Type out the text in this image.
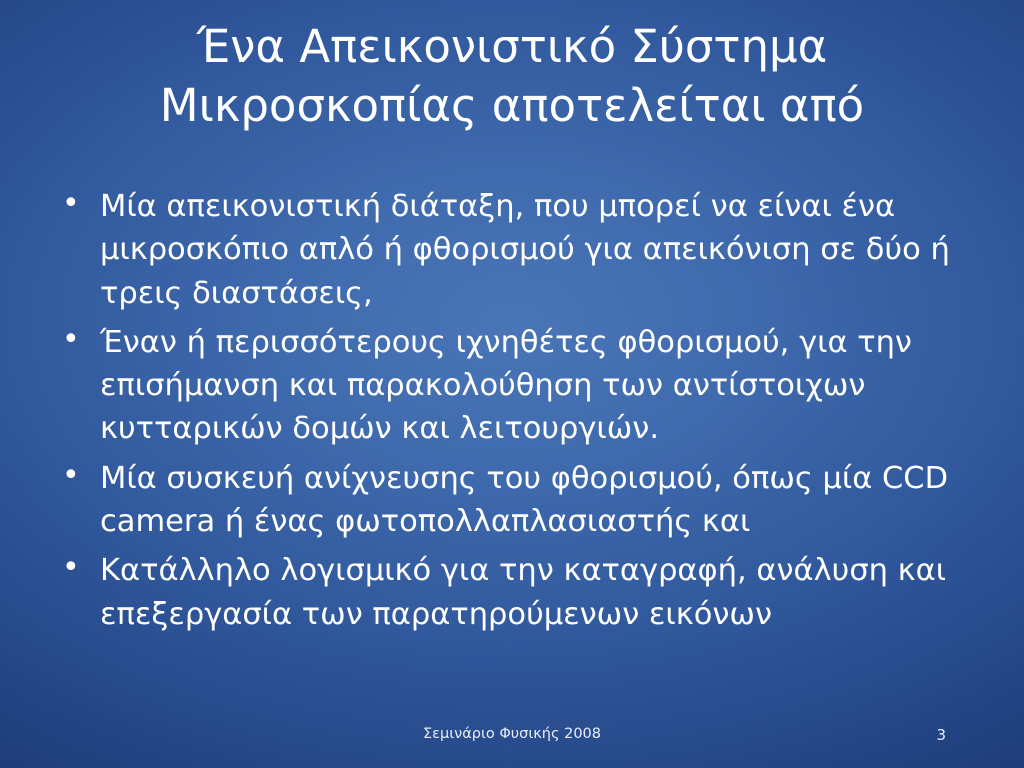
Ένα Απεικονιστικό Σύστημα Μικροσκοπίας αποτελείται από
• Μία απεικονιστική διάταξη, που μπορεί να είναι ένα μικροσκόπιο απλό ή φθορισμού για απεικόνιση σε δύο ή τρεις διαστάσεις,
• Έναν ή περισσότερους ιχνηθέτες φθορισμού, για την επισήμανση και παρακολούθηση των αντίστοιχων κυτταρικών δομών και λειτουργιών.
• Μία συσκευή ανίχνευσης του φθορισμού, όπως μία CCD camera ή ένας φωτοπολλαπλασιαστής και
• Κατάλληλο λογισμικό για την καταγραφή, ανάλυση και επεξεργασία των παρατηρούμενων εικόνων
Σεμινάριο Φυσικής 2008	3
